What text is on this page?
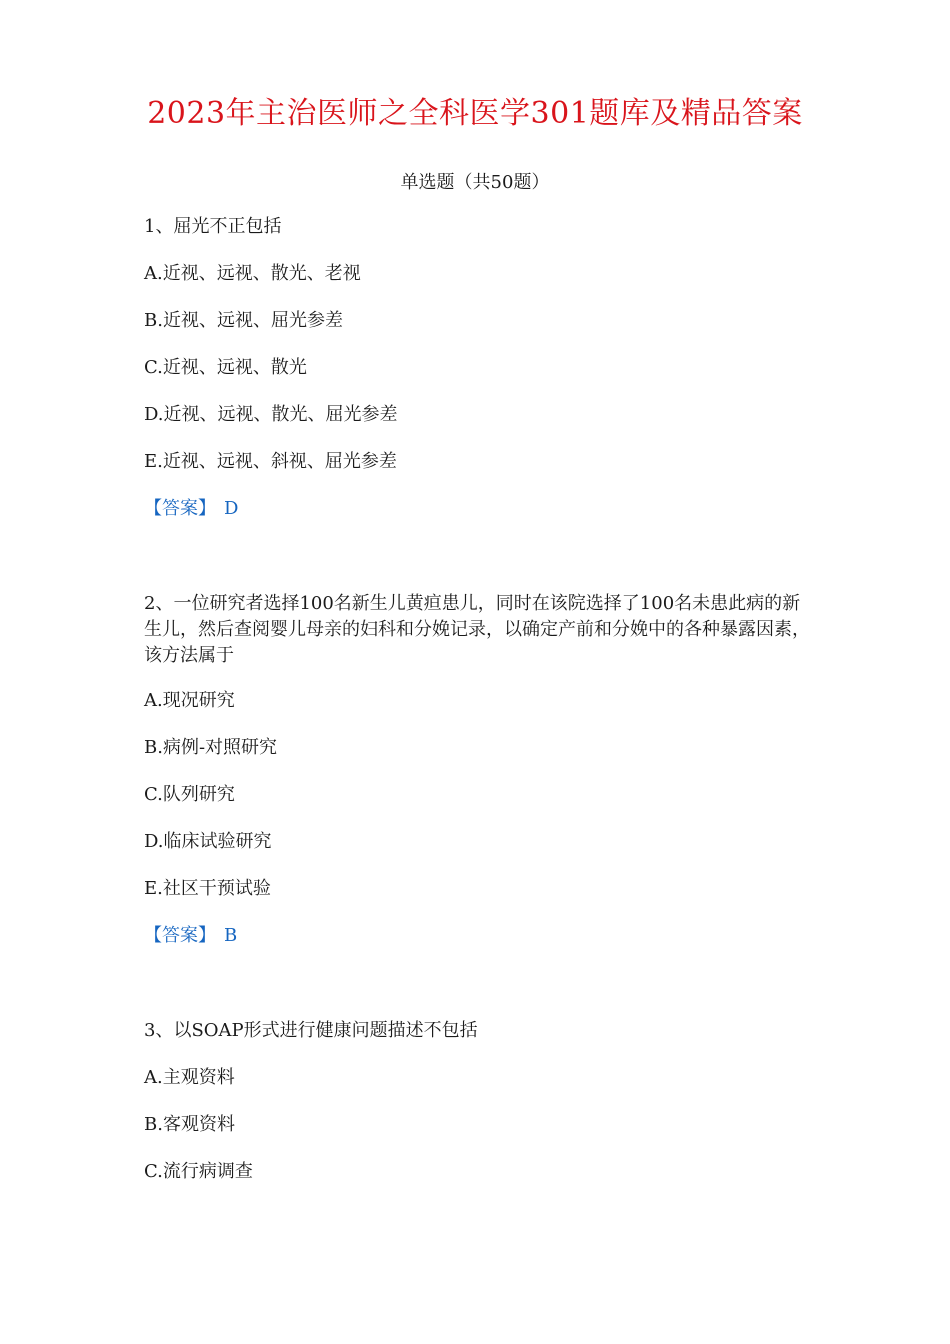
2023年主治医师之全科医学301题库及精品答案
单选题（共50题）
1、屈光不正包括
A.近视、远视、散光、老视
B.近视、远视、屈光参差
C.近视、远视、散光
D.近视、远视、散光、屈光参差
E.近视、远视、斜视、屈光参差
【答案】 D
2、一位研究者选择100名新生儿黄疸患儿，同时在该院选择了100名未患此病的新生儿，然后查阅婴儿母亲的妇科和分娩记录，以确定产前和分娩中的各种暴露因素，该方法属于
A.现况研究
B.病例-对照研究
C.队列研究
D.临床试验研究
E.社区干预试验
【答案】 B
3、以SOAP形式进行健康问题描述不包括
A.主观资料
B.客观资料
C.流行病调查
